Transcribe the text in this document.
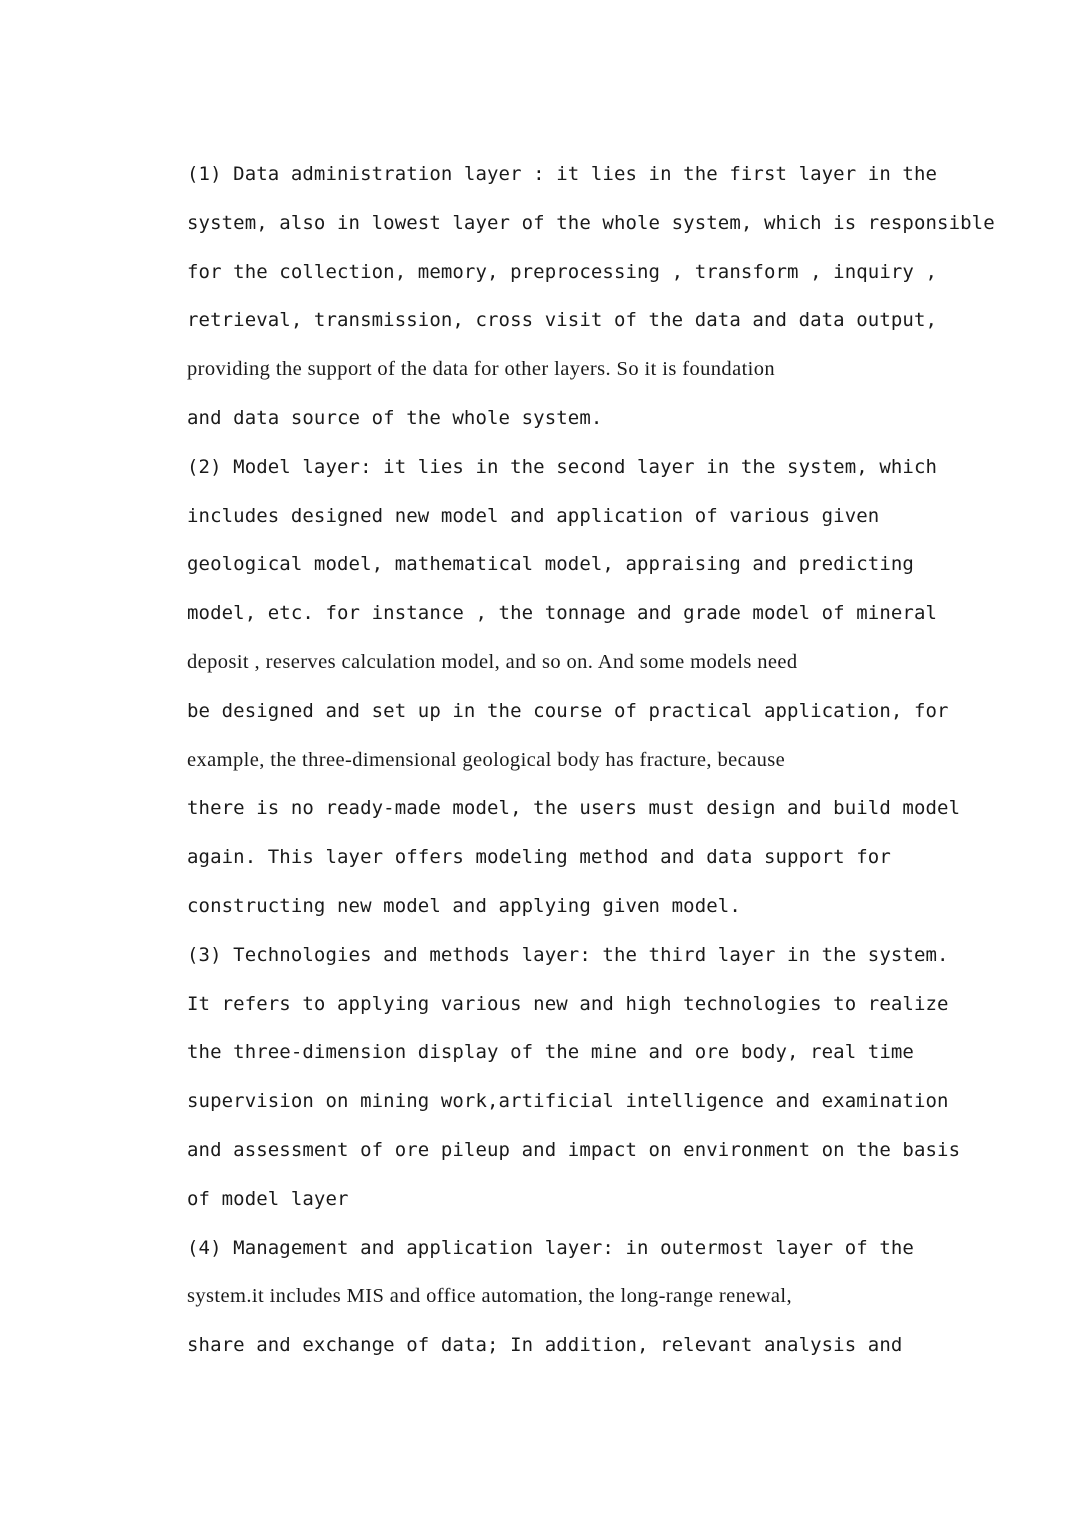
(1) Data administration layer : it lies in the first layer in the
system, also in lowest layer of the whole system, which is responsible
for the collection, memory, preprocessing , transform , inquiry ,
retrieval, transmission, cross visit of the data and data output,
providing the support of the data for other layers. So it is foundation
and data source of the whole system.
(2) Model layer: it lies in the second layer in the system, which
includes designed new model and application of various given
geological model, mathematical model, appraising and predicting
model, etc. for instance , the tonnage and grade model of mineral
deposit , reserves calculation model, and so on. And some models need
be designed and set up in the course of practical application, for
example, the three-dimensional geological body has fracture, because
there is no ready-made model, the users must design and build model
again. This layer offers modeling method and data support for
constructing new model and applying given model.
(3) Technologies and methods layer: the third layer in the system.
It refers to applying various new and high technologies to realize
the three-dimension display of the mine and ore body, real time
supervision on mining work,artificial intelligence and examination
and assessment of ore pileup and impact on environment on the basis
of model layer
(4) Management and application layer: in outermost layer of the
system.it includes MIS and office automation, the long-range renewal,
share and exchange of data; In addition, relevant analysis and
